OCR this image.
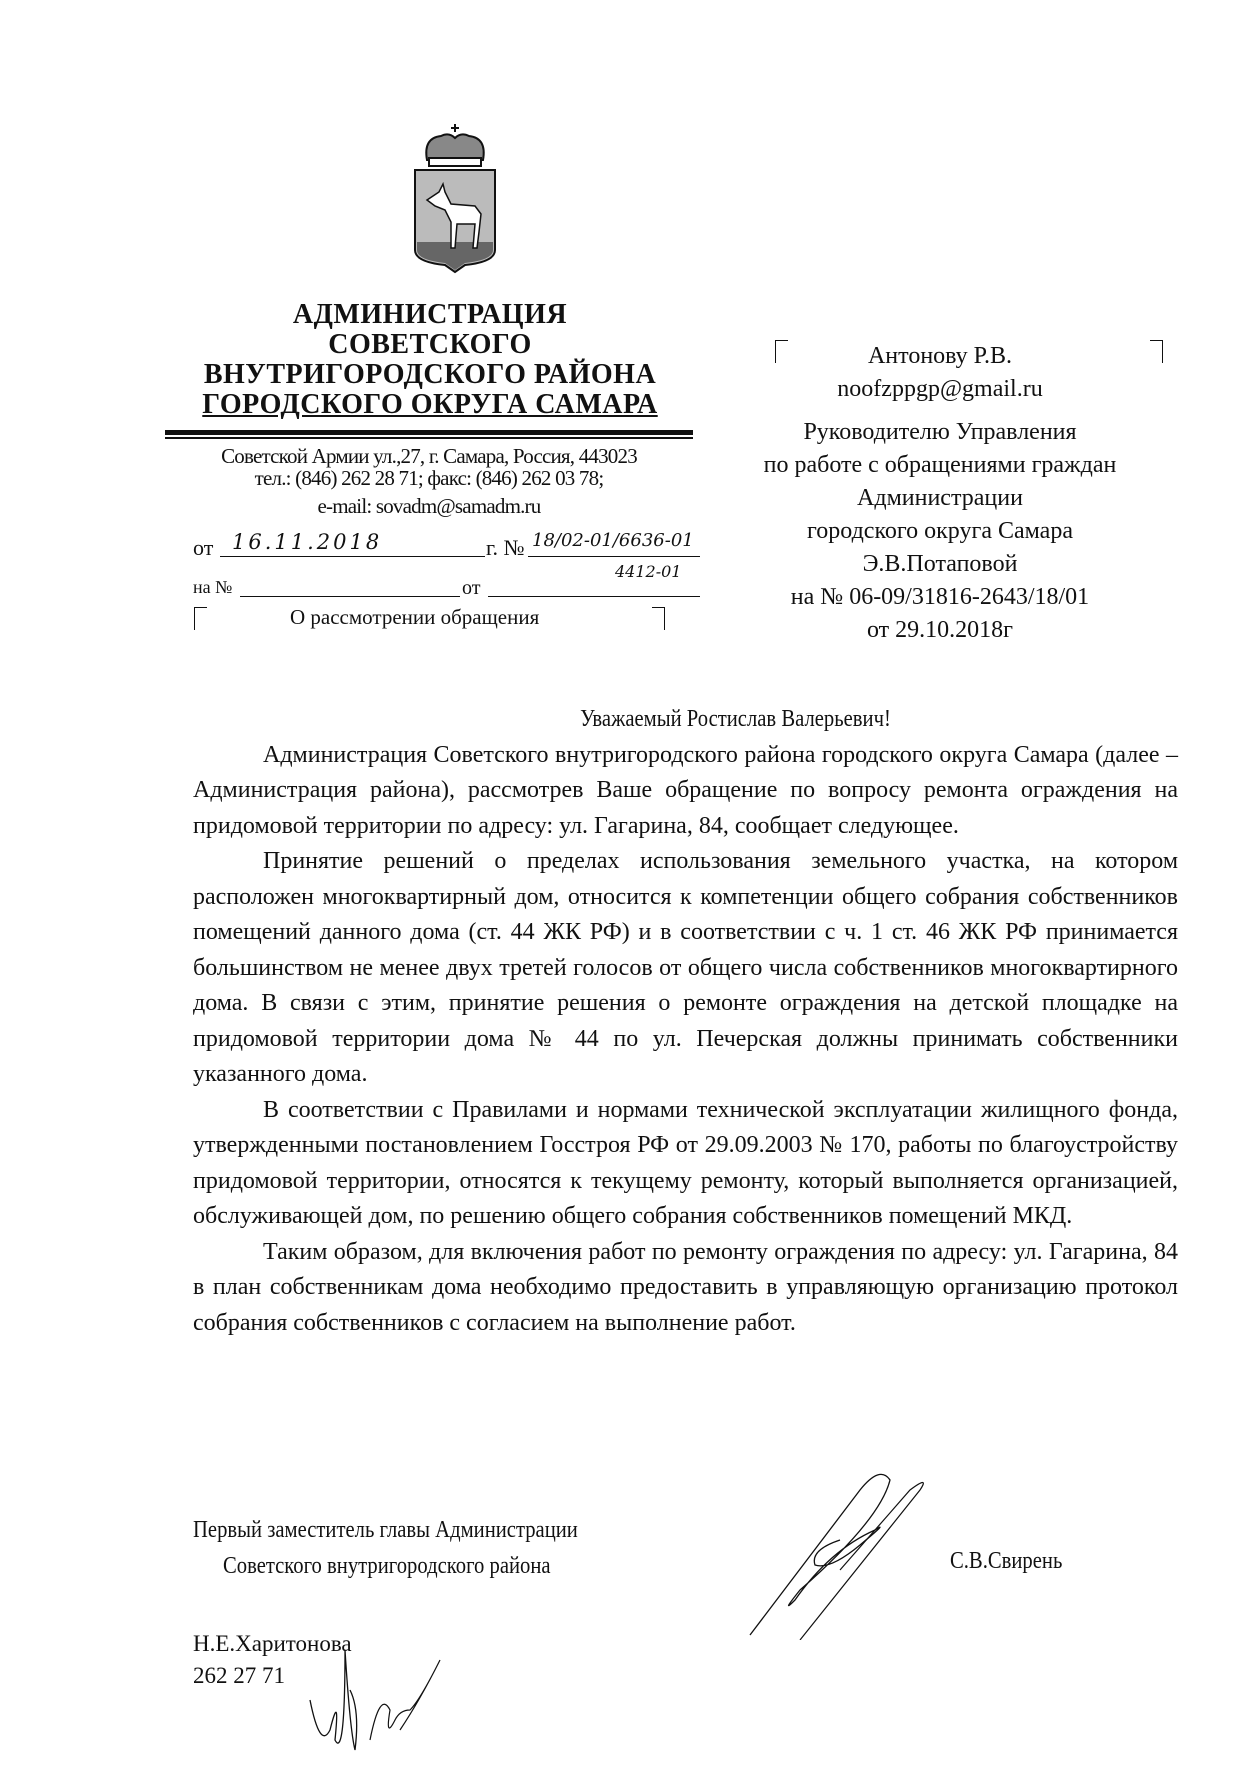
АДМИНИСТРАЦИЯ
СОВЕТСКОГО
ВНУТРИГОРОДСКОГО РАЙОНА
ГОРОДСКОГО ОКРУГА САМАРА
Советской Армии ул.,27, г. Самара, Россия, 443023
тел.: (846) 262 28 71; факс: (846) 262 03 78;
e-mail: sovadm@samadm.ru
от 16.11.2018	г. № 18/02-01/6636-01
4412-01
на №	от
О рассмотрении обращения
Антонову Р.В.
noofzppgp@gmail.ru
Руководителю Управления
по работе с обращениями граждан
Администрации
городского округа Самара
Э.В.Потаповой
на № 06-09/31816-2643/18/01
от 29.10.2018г
Уважаемый Ростислав Валерьевич!

Администрация Советского внутригородского района городского округа Самара (далее – Администрация района), рассмотрев Ваше обращение по вопросу ремонта ограждения на придомовой территории по адресу: ул. Гагарина, 84, сообщает следующее.

Принятие решений о пределах использования земельного участка, на котором расположен многоквартирный дом, относится к компетенции общего собрания собственников помещений данного дома (ст. 44 ЖК РФ) и в соответствии с ч. 1 ст. 46 ЖК РФ принимается большинством не менее двух третей голосов от общего числа собственников многоквартирного дома. В связи с этим, принятие решения о ремонте ограждения на детской площадке на придомовой территории дома № 44 по ул. Печерская должны принимать собственники указанного дома.

В соответствии с Правилами и нормами технической эксплуатации жилищного фонда, утвержденными постановлением Госстроя РФ от 29.09.2003 № 170, работы по благоустройству придомовой территории, относятся к текущему ремонту, который выполняется организацией, обслуживающей дом, по решению общего собрания собственников помещений МКД.

Таким образом, для включения работ по ремонту ограждения по адресу: ул. Гагарина, 84 в план собственникам дома необходимо предоставить в управляющую организацию протокол собрания собственников с согласием на выполнение работ.

Первый заместитель главы Администрации
Советского внутригородского района	С.В.Свирень
Н.Е.Харитонова
262 27 71
